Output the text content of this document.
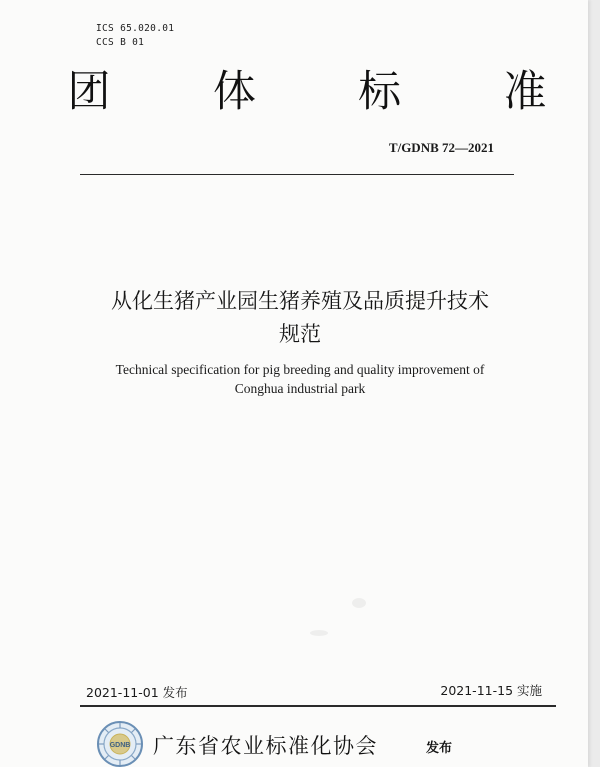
ICS 65.020.01
CCS B 01
团 体 标 准
T/GDNB 72—2021
从化生猪产业园生猪养殖及品质提升技术
规范
Technical specification for pig breeding and quality improvement of
Conghua industrial park
2021-11-01 发布	2021-11-15 实施
GDNB 广东省农业标准化协会	发布
